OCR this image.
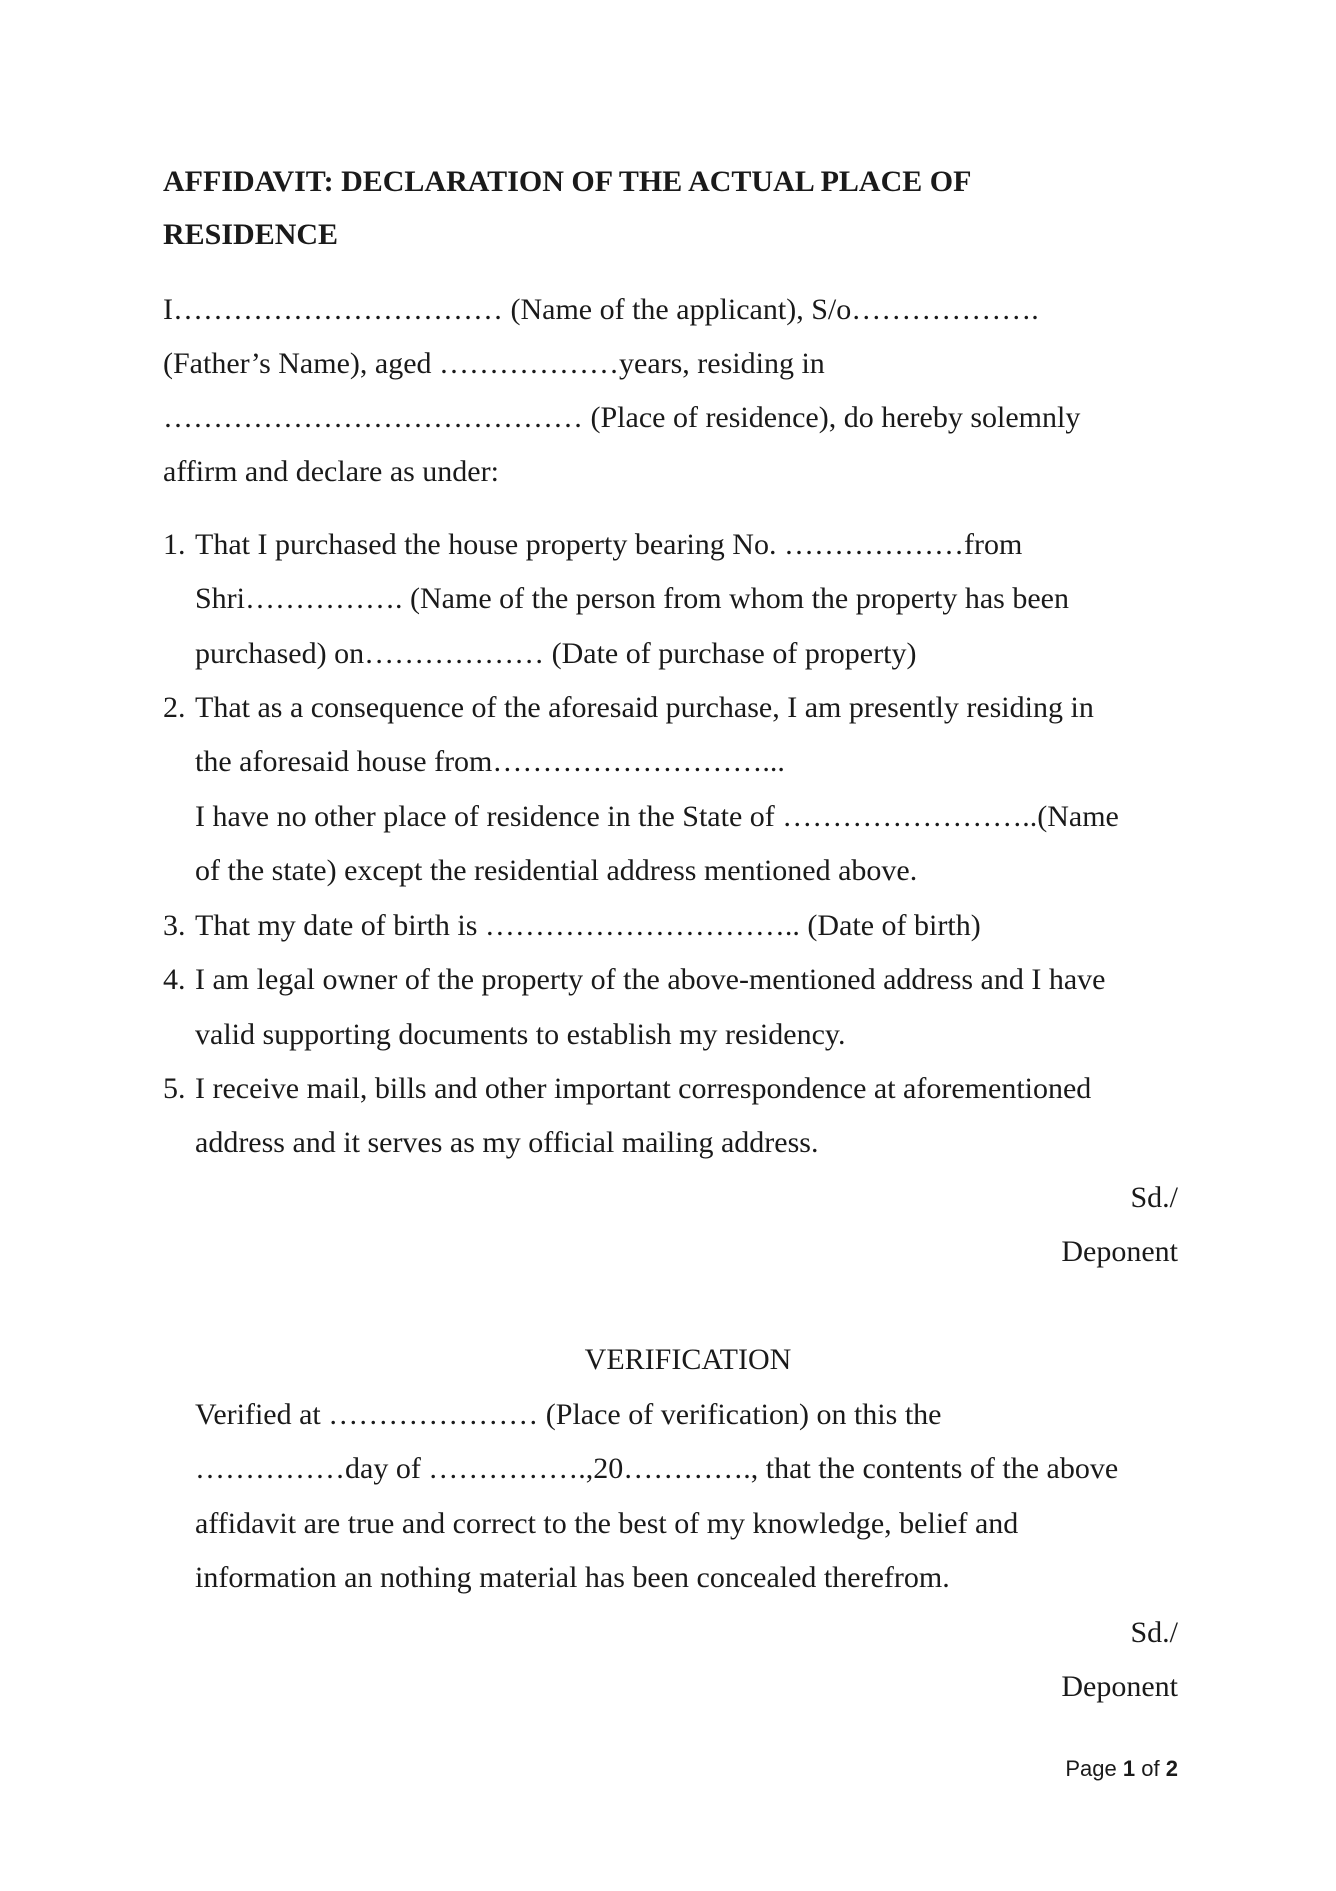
AFFIDAVIT: DECLARATION OF THE ACTUAL PLACE OF
RESIDENCE
I…………………………… (Name of the applicant), S/o……………….
(Father’s Name), aged ………………years, residing in
…………………………………… (Place of residence), do hereby solemnly
affirm and declare as under:
1. That I purchased the house property bearing No. ………………from
Shri……………. (Name of the person from whom the property has been
purchased) on……………… (Date of purchase of property)
2. That as a consequence of the aforesaid purchase, I am presently residing in
the aforesaid house from………………………...
I have no other place of residence in the State of ……………………..(Name
of the state) except the residential address mentioned above.
3. That my date of birth is ………………………….. (Date of birth)
4. I am legal owner of the property of the above-mentioned address and I have
valid supporting documents to establish my residency.
5. I receive mail, bills and other important correspondence at aforementioned
address and it serves as my official mailing address.
Sd./
Deponent
VERIFICATION
Verified at ………………… (Place of verification) on this the
……………day of …………….,20…………., that the contents of the above
affidavit are true and correct to the best of my knowledge, belief and
information an nothing material has been concealed therefrom.
Sd./
Deponent
Page 1 of 2
